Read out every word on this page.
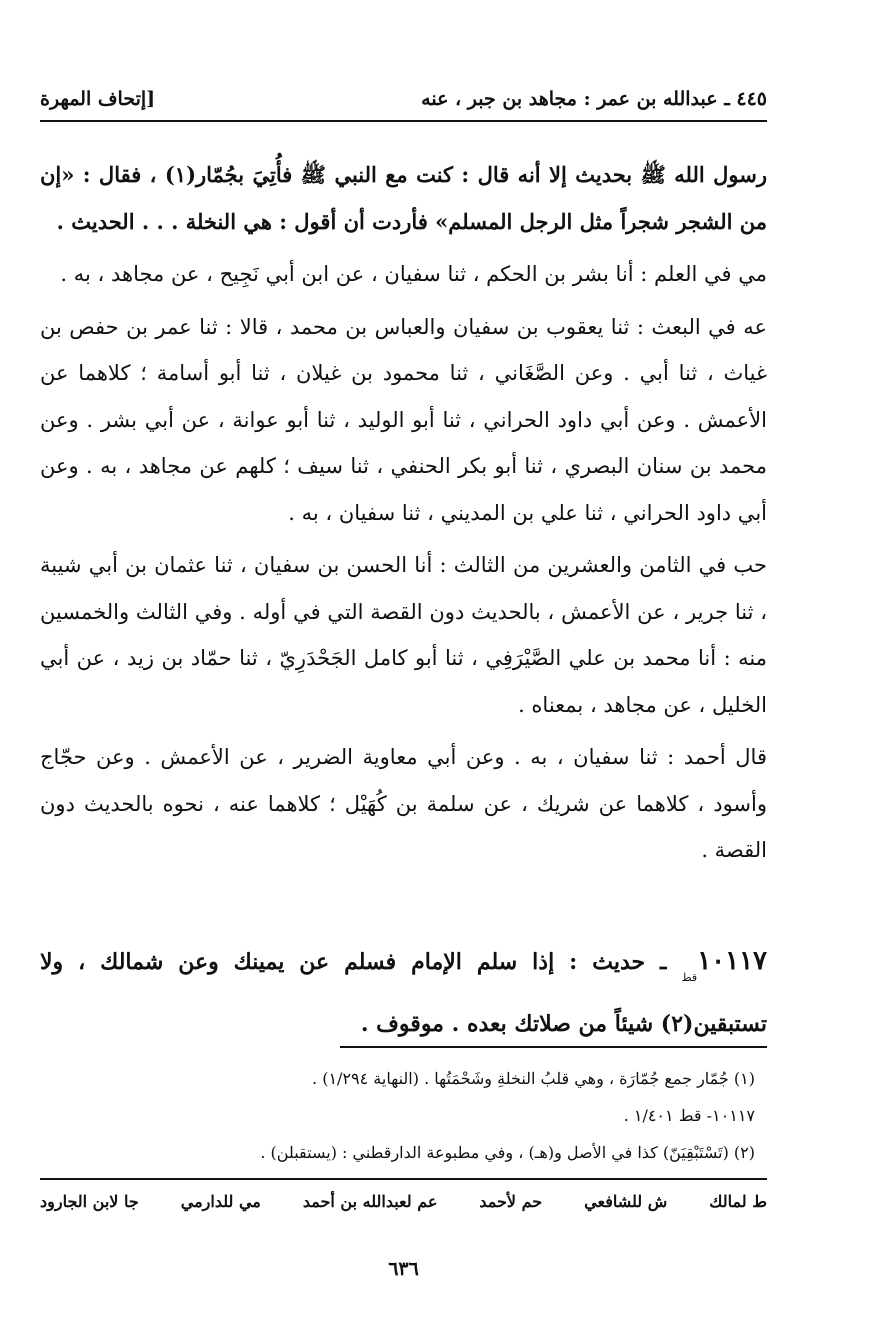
٤٤٥ ـ عبدالله بن عمر : مجاهد بن جبر ، عنه
[إتحاف المهرة

رسول الله ﷺ بحديث إلا أنه قال : كنت مع النبي ﷺ فأُتِيَ بجُمّار(١) ، فقال : «إن من الشجر شجراً مثل الرجل المسلم» فأردت أن أقول : هي النخلة . . . الحديث .

مي في العلم : أنا بشر بن الحكم ، ثنا سفيان ، عن ابن أبي نَجِيح ، عن مجاهد ، به .

عه في البعث : ثنا يعقوب بن سفيان والعباس بن محمد ، قالا : ثنا عمر بن حفص بن غياث ، ثنا أبي . وعن الصَّغَاني ، ثنا محمود بن غيلان ، ثنا أبو أسامة ؛ كلاهما عن الأعمش . وعن أبي داود الحراني ، ثنا أبو الوليد ، ثنا أبو عوانة ، عن أبي بشر . وعن محمد بن سنان البصري ، ثنا أبو بكر الحنفي ، ثنا سيف ؛ كلهم عن مجاهد ، به . وعن أبي داود الحراني ، ثنا علي بن المديني ، ثنا سفيان ، به .

حب في الثامن والعشرين من الثالث : أنا الحسن بن سفيان ، ثنا عثمان بن أبي شيبة ، ثنا جرير ، عن الأعمش ، بالحديث دون القصة التي في أوله . وفي الثالث والخمسين منه : أنا محمد بن علي الصَّيْرَفِي ، ثنا أبو كامل الجَحْدَرِيّ ، ثنا حمّاد بن زيد ، عن أبي الخليل ، عن مجاهد ، بمعناه .

قال أحمد : ثنا سفيان ، به . وعن أبي معاوية الضرير ، عن الأعمش . وعن حجّاج وأسود ، كلاهما عن شريك ، عن سلمة بن كُهَيْل ؛ كلاهما عنه ، نحوه بالحديث دون القصة .

$١٠١١٧_{قط}$ ـ حديث : إذا سلم الإمام فسلم عن يمينك وعن شمالك ، ولا تستبقين(٢) شيئاً من صلاتك بعده . موقوف .
(١) جُمّار جمع جُمّارَة ، وهي قلبُ النخلةِ وشَحْمَتُها . (النهاية ١/٢٩٤) .
١٠١١٧- قط ١/٤٠١ .
(٢) (تَسْتَبْقِيَنّ) كذا في الأصل و(هـ) ، وفي مطبوعة الدارقطني : (يستقبلن) .
ط لمالك
ش للشافعي
حم لأحمد
عم لعبدالله بن أحمد
مي للدارمي
جا لابن الجارود
٦٣٦
